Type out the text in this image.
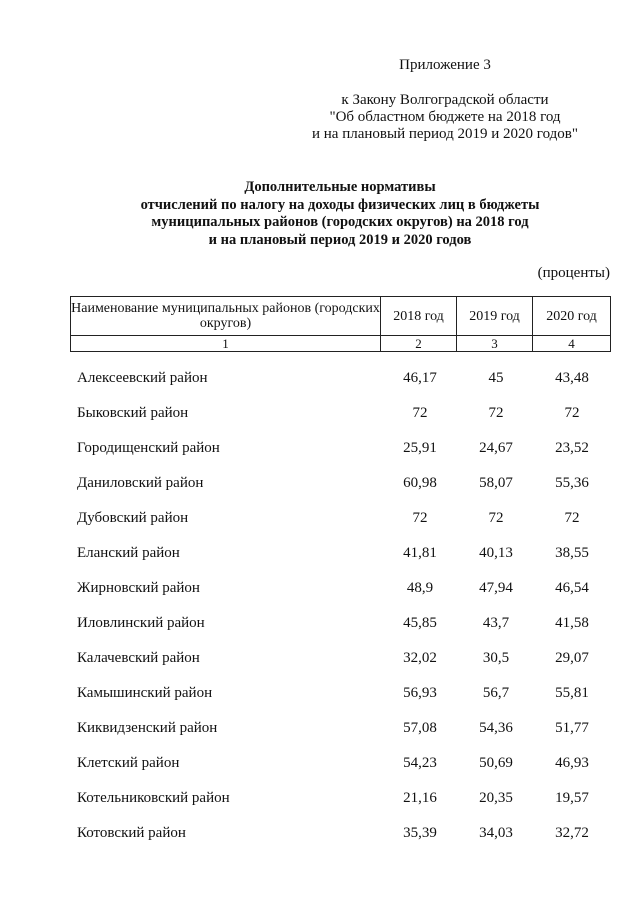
Приложение 3
к Закону Волгоградской области
"Об областном бюджете на 2018 год
и на плановый период 2019 и 2020 годов"
Дополнительные нормативы
отчислений по налогу на доходы физических лиц в бюджеты
муниципальных районов (городских округов) на 2018 год
и на плановый период 2019 и 2020 годов
(проценты)
Наименование муниципальных районов (городских округов)	2018 год	2019 год	2020 год
1	2	3	4
Алексеевский район	46,17	45	43,48
Быковский район	72	72	72
Городищенский район	25,91	24,67	23,52
Даниловский район	60,98	58,07	55,36
Дубовский район	72	72	72
Еланский район	41,81	40,13	38,55
Жирновский район	48,9	47,94	46,54
Иловлинский район	45,85	43,7	41,58
Калачевский район	32,02	30,5	29,07
Камышинский район	56,93	56,7	55,81
Киквидзенский район	57,08	54,36	51,77
Клетский район	54,23	50,69	46,93
Котельниковский район	21,16	20,35	19,57
Котовский район	35,39	34,03	32,72
